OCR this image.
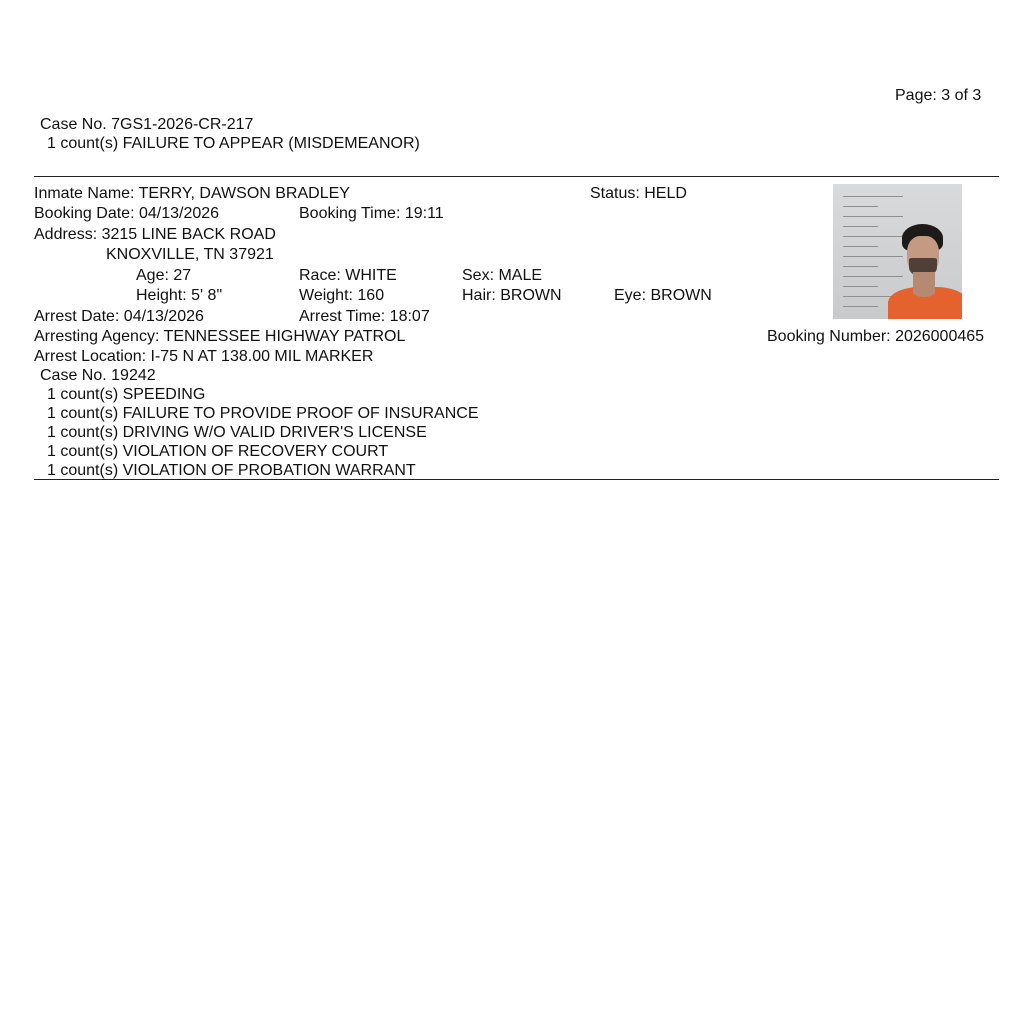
Page: 3 of 3
Case No. 7GS1-2026-CR-217
1 count(s) FAILURE TO APPEAR (MISDEMEANOR)
Inmate Name: TERRY, DAWSON BRADLEY	Status: HELD
Booking Date: 04/13/2026	Booking Time: 19:11
Address: 3215 LINE BACK ROAD
KNOXVILLE, TN 37921
Age: 27	Race: WHITE	Sex: MALE
Height: 5' 8"	Weight: 160	Hair: BROWN	Eye: BROWN
Arrest Date: 04/13/2026	Arrest Time: 18:07
Arresting Agency: TENNESSEE HIGHWAY PATROL	Booking Number: 2026000465
Arrest Location: I-75 N AT 138.00 MIL MARKER
Case No. 19242
1 count(s) SPEEDING
1 count(s) FAILURE TO PROVIDE PROOF OF INSURANCE
1 count(s) DRIVING W/O VALID DRIVER'S LICENSE
1 count(s) VIOLATION OF RECOVERY COURT
1 count(s) VIOLATION OF PROBATION WARRANT
